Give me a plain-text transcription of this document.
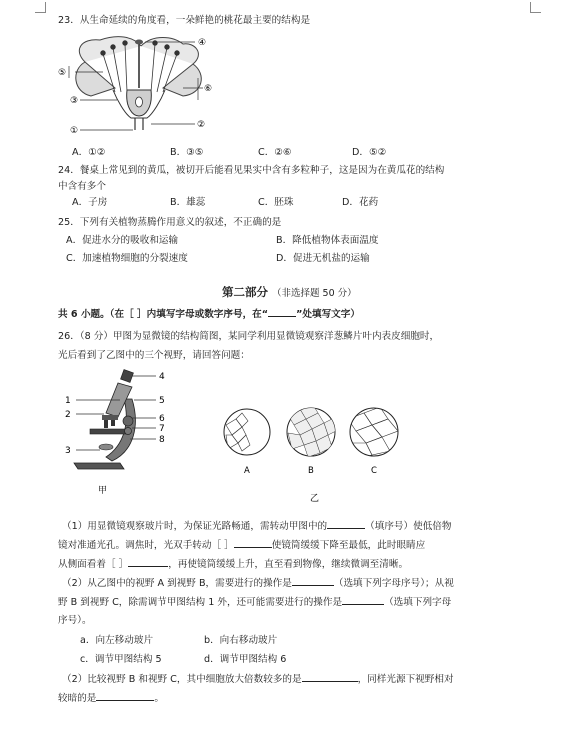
23．从生命延续的角度看，一朵鲜艳的桃花最主要的结构是
④
⑤
⑥
③
②
①
A．①②	B．③⑤	C．②⑥	D．⑤②
24．餐桌上常见到的黄瓜，被切开后能看见果实中含有多粒种子，这是因为在黄瓜花的结构
中含有多个
A．子房	B．雄蕊	C．胚珠	D．花药
25．下列有关植物蒸腾作用意义的叙述，不正确的是
A．促进水分的吸收和运输	B．降低植物体表面温度
C．加速植物细胞的分裂速度	D．促进无机盐的运输
第二部分 （非选择题 50 分）
共 6 小题。（在［ ］内填写字母或数字序号，在“	”处填写文字）
26．（8 分）甲图为显微镜的结构简图，某同学利用显微镜观察洋葱鳞片叶内表皮细胞时，
光后看到了乙图中的三个视野，请回答问题：
1
2
3
4
5
6
7
8
甲
A	B	C
乙
（1）用显微镜观察玻片时，为保证光路畅通，需转动甲图中的	（填序号）使低倍物
镜对准通光孔。调焦时，光双手转动［ ］	使镜筒缓缓下降至最低，此时眼睛应
从侧面看着［ ］	，再使镜筒缓缓上升，直至看到物像，继续微调至清晰。
（2）从乙图中的视野 A 到视野 B，需要进行的操作是	（选填下列字母序号）；从视
野 B 到视野 C，除需调节甲图结构 1 外，还可能需要进行的操作是	（选填下列字母
序号）。
a．向左移动玻片	b．向右移动玻片
c．调节甲图结构 5	d．调节甲图结构 6
（2）比较视野 B 和视野 C，其中细胞放大倍数较多的是	，同样光源下视野相对
较暗的是	。
